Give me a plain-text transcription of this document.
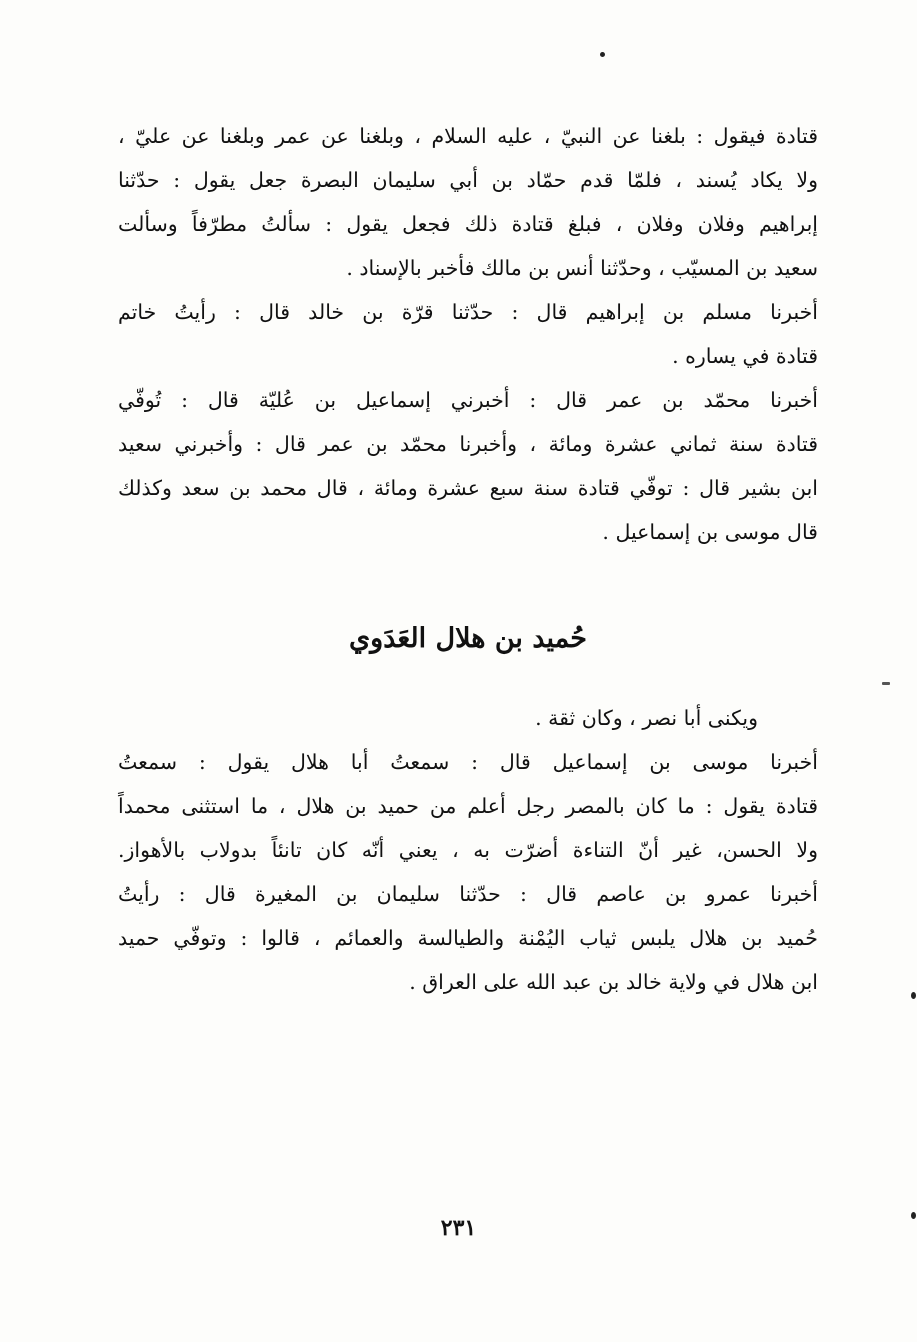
قتادة فيقول : بلغنا عن النبيّ ، عليه السلام ، وبلغنا عن عمر وبلغنا عن عليّ ،
ولا يكاد يُسند ، فلمّا قدم حمّاد بن أبي سليمان البصرة جعل يقول : حدّثنا
إبراهيم وفلان وفلان ، فبلغ قتادة ذلك فجعل يقول : سألتُ مطرّفاً وسألت
سعيد بن المسيّب ، وحدّثنا أنس بن مالك فأخبر بالإسناد .
أخبرنا مسلم بن إبراهيم قال : حدّثنا قرّة بن خالد قال : رأيتُ خاتم
قتادة في يساره .
أخبرنا محمّد بن عمر قال : أخبرني إسماعيل بن عُليّة قال : تُوفّي
قتادة سنة ثماني عشرة ومائة ، وأخبرنا محمّد بن عمر قال : وأخبرني سعيد
ابن بشير قال : توفّي قتادة سنة سبع عشرة ومائة ، قال محمد بن سعد وكذلك
قال موسى بن إسماعيل .
حُميد بن هلال العَدَوي
ويكنى أبا نصر ، وكان ثقة .
أخبرنا موسى بن إسماعيل قال : سمعتُ أبا هلال يقول : سمعتُ
قتادة يقول : ما كان بالمصر رجل أعلم من حميد بن هلال ، ما استثنى محمداً
ولا الحسن، غير أنّ التناءة أضرّت به ، يعني أنّه كان تانئاً بدولاب بالأهواز.
أخبرنا عمرو بن عاصم قال : حدّثنا سليمان بن المغيرة قال : رأيتُ
حُميد بن هلال يلبس ثياب اليُمْنة والطيالسة والعمائم ، قالوا : وتوفّي حميد
ابن هلال في ولاية خالد بن عبد الله على العراق .
٢٣١
